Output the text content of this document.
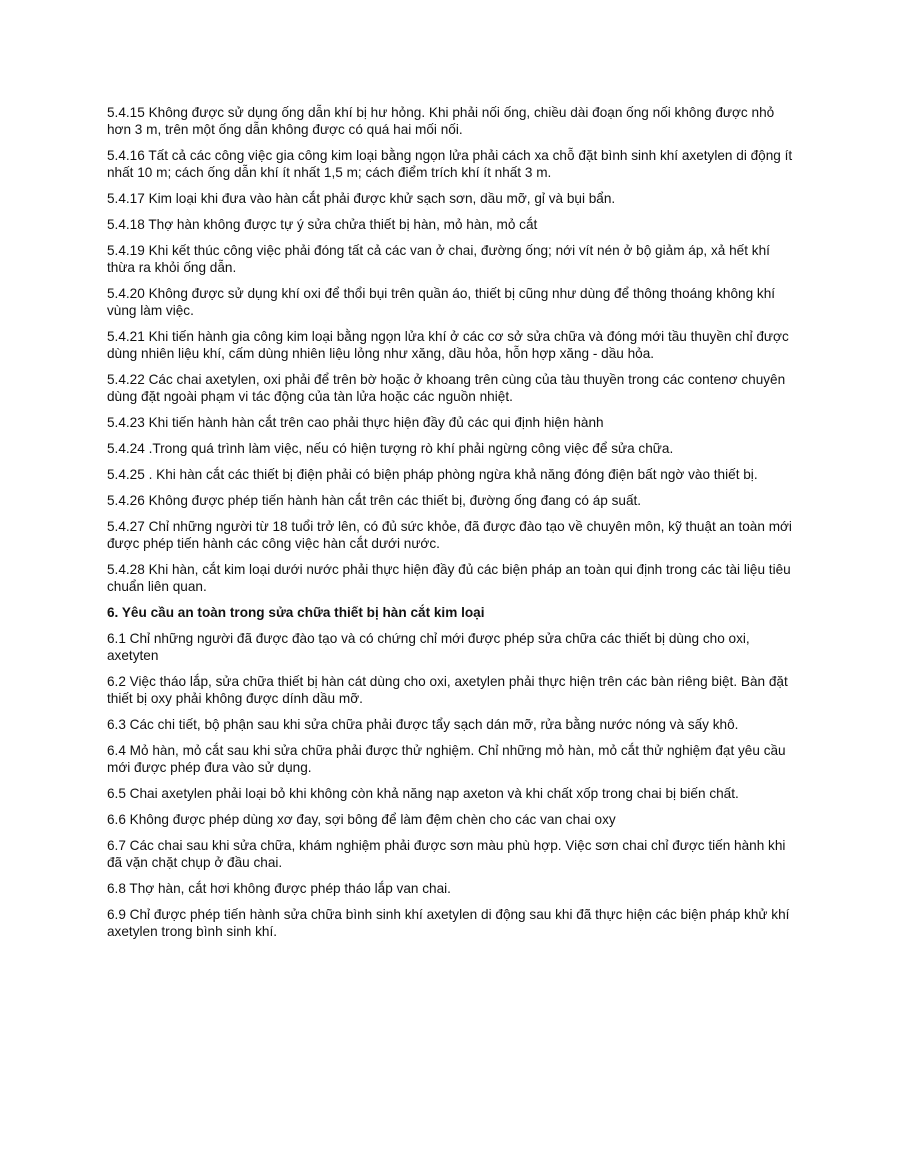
5.4.15 Không được sử dụng ống dẫn khí bị hư hỏng. Khi phải nối ống, chiều dài đoạn ống nối không được nhỏ hơn 3 m, trên một ống dẫn không được có quá hai mối nối.

5.4.16 Tất cả các công việc gia công kim loại bằng ngọn lửa phải cách xa chỗ đặt bình sinh khí axetylen di động ít nhất 10 m; cách ống dẫn khí ít nhất 1,5 m; cách điểm trích khí ít nhất 3 m.

5.4.17 Kim loại khi đưa vào hàn cắt phải được khử sạch sơn, dầu mỡ, gỉ và bụi bẩn.

5.4.18 Thợ hàn không được tự ý sửa chửa thiết bị hàn, mỏ hàn, mỏ cắt

5.4.19 Khi kết thúc công việc phải đóng tất cả các van ở chai, đường ống; nới vít nén ở bộ giảm áp, xả hết khí thừa ra khỏi ống dẫn.

5.4.20 Không được sử dụng khí oxi để thổi bụi trên quần áo, thiết bị cũng như dùng để thông thoáng không khí vùng làm việc.

5.4.21 Khi tiến hành gia công kim loại bằng ngọn lửa khí ở các cơ sở sửa chữa và đóng mới tầu thuyền chỉ được dùng nhiên liệu khí, cấm dùng nhiên liệu lỏng như xăng, dầu hỏa, hỗn hợp xăng - dầu hỏa.

5.4.22 Các chai axetylen, oxi phải để trên bờ hoặc ở khoang trên cùng của tàu thuyền trong các contenơ chuyên dùng đặt ngoài phạm vi tác động của tàn lửa hoặc các nguồn nhiệt.

5.4.23 Khi tiến hành hàn cắt trên cao phải thực hiện đầy đủ các qui định hiện hành

5.4.24 .Trong quá trình làm việc, nếu có hiện tượng rò khí phải ngừng công việc để sửa chữa.

5.4.25 . Khi hàn cắt các thiết bị điện phải có biện pháp phòng ngừa khả năng đóng điện bất ngờ vào thiết bị.

5.4.26 Không được phép tiến hành hàn cắt trên các thiết bị, đường ống đang có áp suất.

5.4.27 Chỉ những người từ 18 tuổi trở lên, có đủ sức khỏe, đã được đào tạo về chuyên môn, kỹ thuật an toàn mới được phép tiến hành các công việc hàn cắt dưới nước.

5.4.28 Khi hàn, cắt kim loại dưới nước phải thực hiện đầy đủ các biện pháp an toàn qui định trong các tài liệu tiêu chuẩn liên quan.

6. Yêu cầu an toàn trong sửa chữa thiết bị hàn cắt kim loại

6.1 Chỉ những người đã được đào tạo và có chứng chỉ mới được phép sửa chữa các thiết bị dùng cho oxi, axetyten

6.2 Việc tháo lắp, sửa chữa thiết bị hàn cát dùng cho oxi, axetylen phải thực hiện trên các bàn riêng biệt. Bàn đặt thiết bị oxy phải không được dính dầu mỡ.

6.3 Các chi tiết, bộ phận sau khi sửa chữa phải được tẩy sạch dán mỡ, rửa bằng nước nóng và sấy khô.

6.4 Mỏ hàn, mỏ cắt sau khi sửa chữa phải được thử nghiệm. Chỉ những mỏ hàn, mỏ cắt thử nghiệm đạt yêu cầu mới được phép đưa vào sử dụng.

6.5 Chai axetylen phải loại bỏ khi không còn khả năng nạp axeton và khi chất xốp trong chai bị biến chất.

6.6 Không được phép dùng xơ đay, sợi bông để làm đệm chèn cho các van chai oxy

6.7 Các chai sau khi sửa chữa, khám nghiệm phải được sơn màu phù hợp. Việc sơn chai chỉ được tiến hành khi đã vặn chặt chụp ở đầu chai.

6.8 Thợ hàn, cắt hơi không được phép tháo lắp van chai.

6.9 Chỉ được phép tiến hành sửa chữa bình sinh khí axetylen di động sau khi đã thực hiện các biện pháp khử khí axetylen trong bình sinh khí.
